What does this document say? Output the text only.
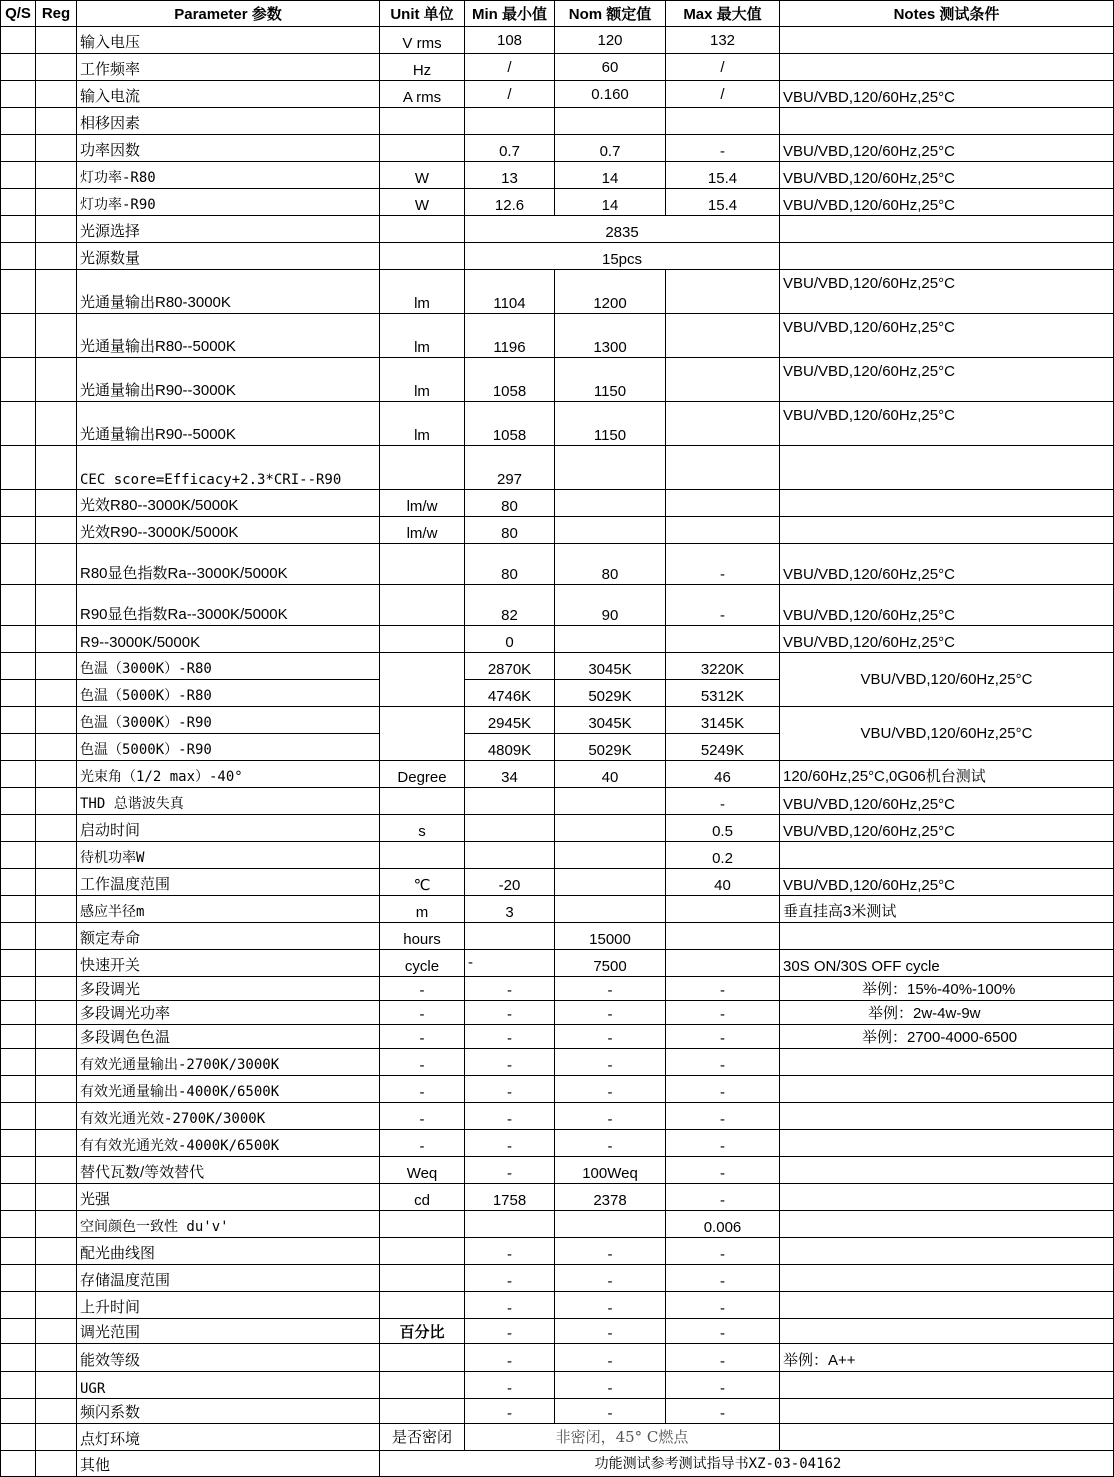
Q/S	Reg	Parameter 参数	Unit 单位	Min 最小值	Nom 额定值	Max 最大值	Notes 测试条件
		输入电压	V rms	108	120	132	
		工作频率	Hz	/	60	/	
		输入电流	A rms	/	0.160	/	VBU/VBD,120/60Hz,25°C
		相移因素					
		功率因数		0.7	0.7	-	VBU/VBD,120/60Hz,25°C
		灯功率-R80	W	13	14	15.4	VBU/VBD,120/60Hz,25°C
		灯功率-R90	W	12.6	14	15.4	VBU/VBD,120/60Hz,25°C
		光源选择		2835			
		光源数量		15pcs			
		光通量输出R80-3000K	lm	1104	1200		VBU/VBD,120/60Hz,25°C
		光通量输出R80--5000K	lm	1196	1300		VBU/VBD,120/60Hz,25°C
		光通量输出R90--3000K	lm	1058	1150		VBU/VBD,120/60Hz,25°C
		光通量输出R90--5000K	lm	1058	1150		VBU/VBD,120/60Hz,25°C
		CEC score=Efficacy+2.3*CRI--R90		297			
		光效R80--3000K/5000K	lm/w	80			
		光效R90--3000K/5000K	lm/w	80			
		R80显色指数Ra--3000K/5000K		80	80	-	VBU/VBD,120/60Hz,25°C
		R90显色指数Ra--3000K/5000K		82	90	-	VBU/VBD,120/60Hz,25°C
		R9--3000K/5000K		0			VBU/VBD,120/60Hz,25°C
		色温（3000K）-R80		2870K	3045K	3220K	VBU/VBD,120/60Hz,25°C
		色温（5000K）-R80		4746K	5029K	5312K	
		色温（3000K）-R90		2945K	3045K	3145K	VBU/VBD,120/60Hz,25°C
		色温（5000K）-R90		4809K	5029K	5249K	
		光束角（1/2 max）-40°	Degree	34	40	46	120/60Hz,25°C,0G06机台测试
		THD 总谐波失真				-	VBU/VBD,120/60Hz,25°C
		启动时间	s			0.5	VBU/VBD,120/60Hz,25°C
		待机功率W				0.2	
		工作温度范围	℃	-20		40	VBU/VBD,120/60Hz,25°C
		感应半径m	m	3			垂直挂高3米测试
		额定寿命	hours		15000		
		快速开关	cycle	-	7500		30S ON/30S OFF cycle
		多段调光	-	-	-	-	举例：15%-40%-100%
		多段调光功率	-	-	-	-	举例：2w-4w-9w
		多段调色色温	-	-	-	-	举例：2700-4000-6500
		有效光通量输出-2700K/3000K	-	-	-	-	
		有效光通量输出-4000K/6500K	-	-	-	-	
		有效光通光效-2700K/3000K	-	-	-	-	
		有有效光通光效-4000K/6500K	-	-	-	-	
		替代瓦数/等效替代	Weq	-	100Weq	-	
		光强	cd	1758	2378	-	
		空间颜色一致性 du'v'				0.006	
		配光曲线图		-	-	-	
		存储温度范围		-	-	-	
		上升时间		-	-	-	
		调光范围	百分比	-	-	-	
		能效等级		-	-	-	举例：A++
		UGR		-	-	-	
		频闪系数		-	-	-	
		点灯环境	是否密闭	非密闭，45° C燃点			
		其他	功能测试参考测试指导书XZ-03-04162				
